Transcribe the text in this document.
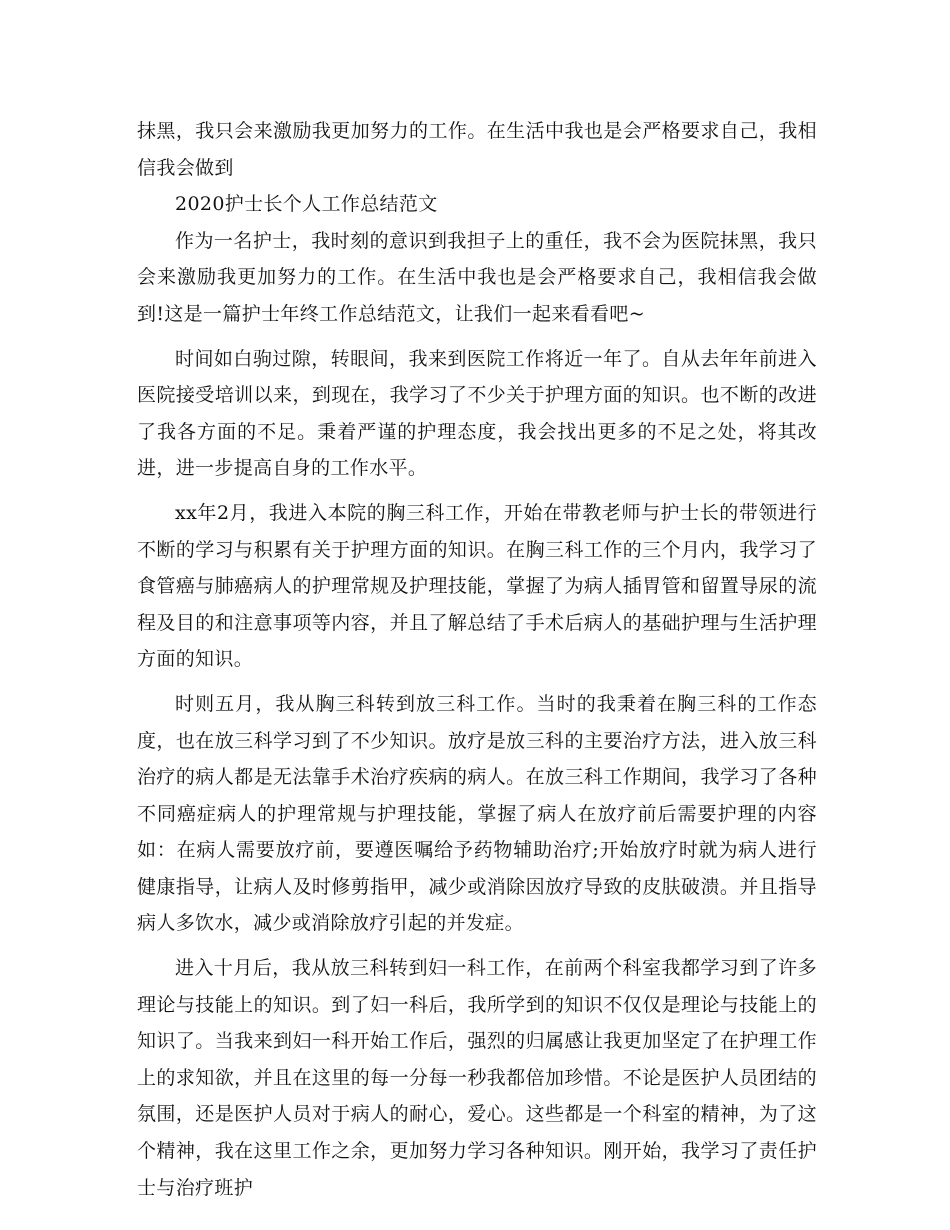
抹黑，我只会来激励我更加努力的工作。在生活中我也是会严格要求自己，我相信我会做到

2020护士长个人工作总结范文

作为一名护士，我时刻的意识到我担子上的重任，我不会为医院抹黑，我只会来激励我更加努力的工作。在生活中我也是会严格要求自己，我相信我会做到!这是一篇护士年终工作总结范文，让我们一起来看看吧~

时间如白驹过隙，转眼间，我来到医院工作将近一年了。自从去年年前进入医院接受培训以来，到现在，我学习了不少关于护理方面的知识。也不断的改进了我各方面的不足。秉着严谨的护理态度，我会找出更多的不足之处，将其改进，进一步提高自身的工作水平。

xx年2月，我进入本院的胸三科工作，开始在带教老师与护士长的带领进行不断的学习与积累有关于护理方面的知识。在胸三科工作的三个月内，我学习了食管癌与肺癌病人的护理常规及护理技能，掌握了为病人插胃管和留置导尿的流程及目的和注意事项等内容，并且了解总结了手术后病人的基础护理与生活护理方面的知识。

时则五月，我从胸三科转到放三科工作。当时的我秉着在胸三科的工作态度，也在放三科学习到了不少知识。放疗是放三科的主要治疗方法，进入放三科治疗的病人都是无法靠手术治疗疾病的病人。在放三科工作期间，我学习了各种不同癌症病人的护理常规与护理技能，掌握了病人在放疗前后需要护理的内容如：在病人需要放疗前，要遵医嘱给予药物辅助治疗;开始放疗时就为病人进行健康指导，让病人及时修剪指甲，减少或消除因放疗导致的皮肤破溃。并且指导病人多饮水，减少或消除放疗引起的并发症。

进入十月后，我从放三科转到妇一科工作，在前两个科室我都学习到了许多理论与技能上的知识。到了妇一科后，我所学到的知识不仅仅是理论与技能上的知识了。当我来到妇一科开始工作后，强烈的归属感让我更加坚定了在护理工作上的求知欲，并且在这里的每一分每一秒我都倍加珍惜。不论是医护人员团结的氛围，还是医护人员对于病人的耐心，爱心。这些都是一个科室的精神，为了这个精神，我在这里工作之余，更加努力学习各种知识。刚开始，我学习了责任护士与治疗班护
